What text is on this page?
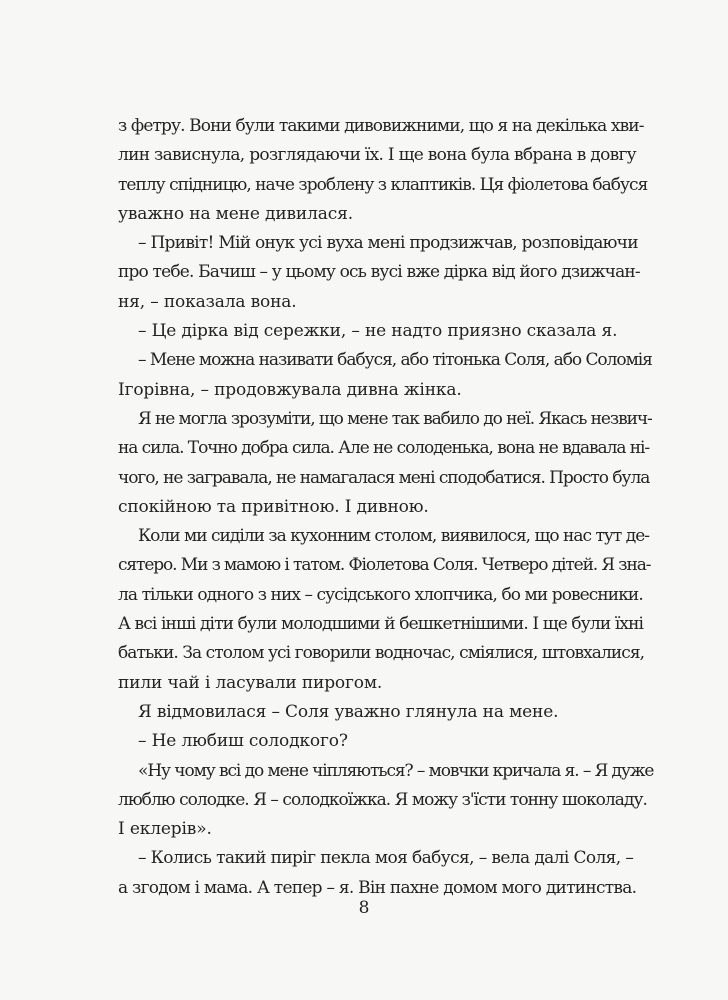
з фетру. Вони були такими дивовижними, що я на декілька хви-
лин зависнула, розглядаючи їх. І ще вона була вбрана в довгу
теплу спідницю, наче зроблену з клаптиків. Ця фіолетова бабуся
уважно на мене дивилася.
– Привіт! Мій онук усі вуха мені продзижчав, розповідаючи
про тебе. Бачиш – у цьому ось вусі вже дірка від його дзижчан-
ня, – показала вона.
– Це дірка від сережки, – не надто приязно сказала я.
– Мене можна називати бабуся, або тітонька Соля, або Соломія
Ігорівна, – продовжувала дивна жінка.
Я не могла зрозуміти, що мене так вабило до неї. Якась незвич-
на сила. Точно добра сила. Але не солоденька, вона не вдавала ні-
чого, не загравала, не намагалася мені сподобатися. Просто була
спокійною та привітною. І дивною.
Коли ми сиділи за кухонним столом, виявилося, що нас тут де-
сятеро. Ми з мамою і татом. Фіолетова Соля. Четверо дітей. Я зна-
ла тільки одного з них – сусідського хлопчика, бо ми ровесники.
А всі інші діти були молодшими й бешкетнішими. І ще були їхні
батьки. За столом усі говорили водночас, сміялися, штовхалися,
пили чай і ласували пирогом.
Я відмовилася – Соля уважно глянула на мене.
– Не любиш солодкого?
«Ну чому всі до мене чіпляються? – мовчки кричала я. – Я дуже
люблю солодке. Я – солодкоїжка. Я можу з'їсти тонну шоколаду.
І еклерів».
– Колись такий пиріг пекла моя бабуся, – вела далі Соля, –
а згодом і мама. А тепер – я. Він пахне домом мого дитинства.
8
